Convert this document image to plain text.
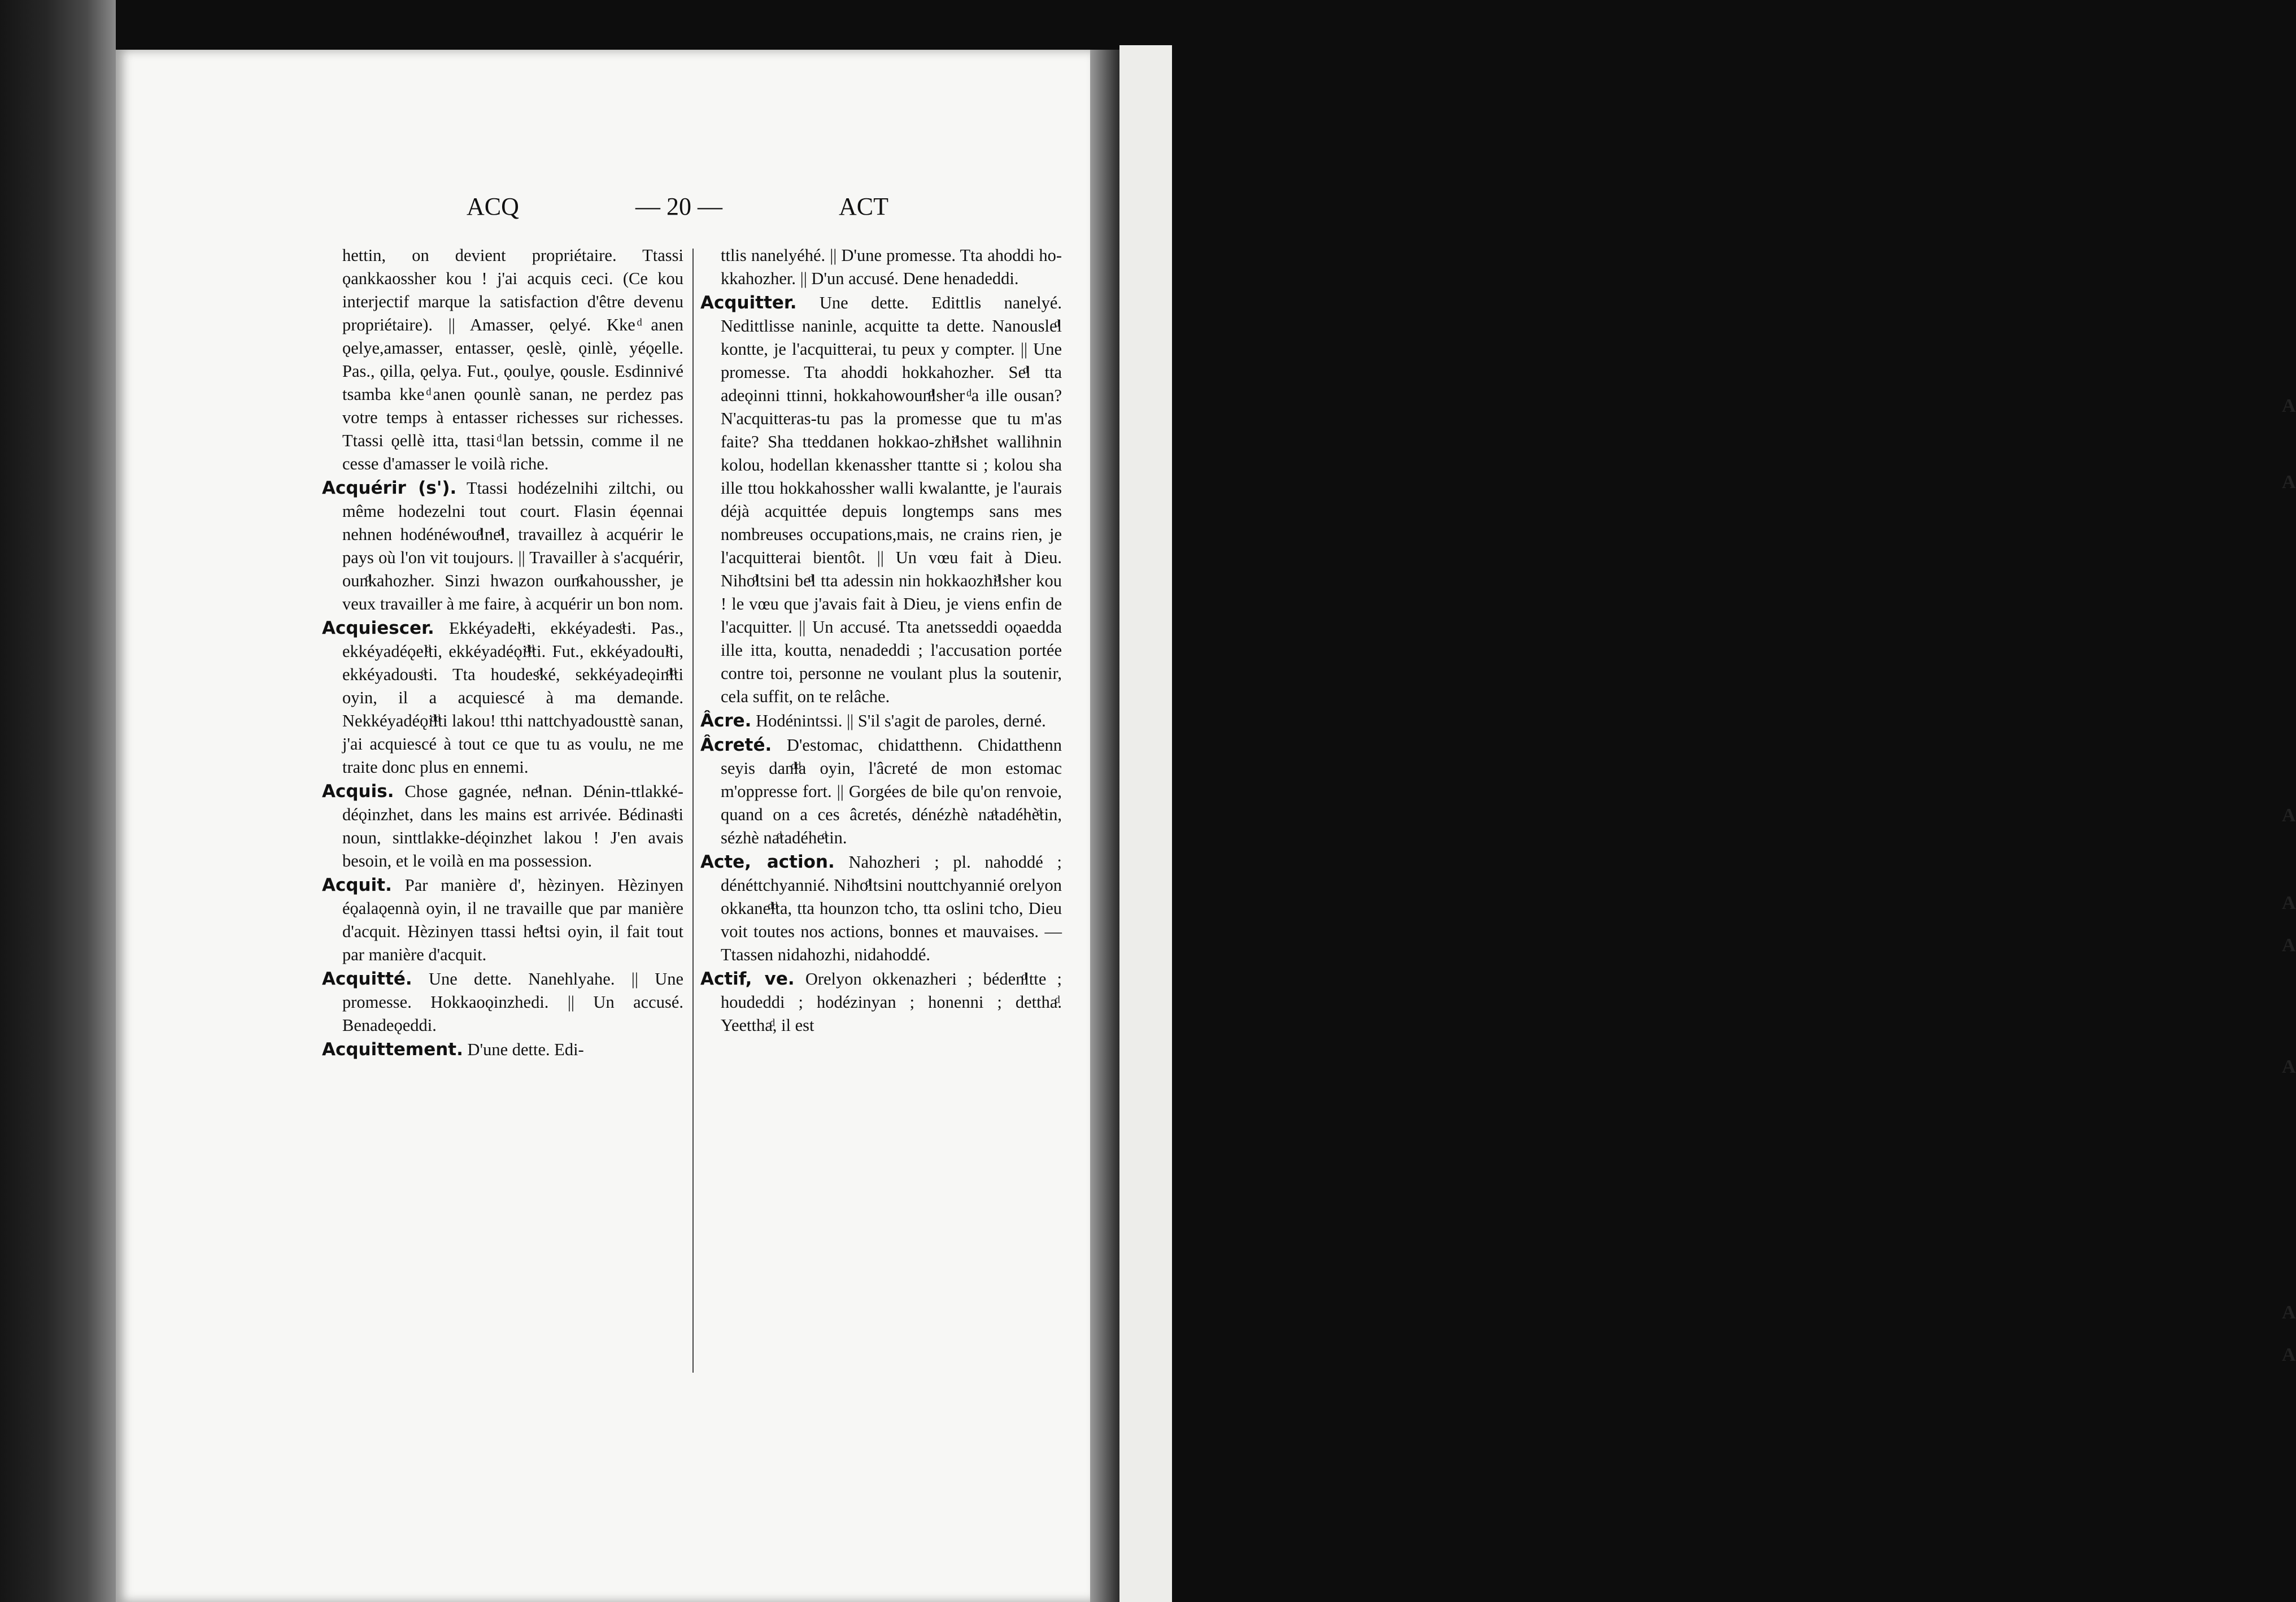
A
A
A
A
A
A
A
A
ACQ	— 20 —	ACT

hettin, on devient propriétaire. Ttassi ǫankkaossher kou ! j'ai acquis ceci. (Ce kou interjectif marque la satisfaction d'être devenu propriétaire). || Amasser, ǫelyé. Kke ͩanen ǫelye,amasser, entasser, ǫeslè, ǫinlè, yéǫelle. Pas., ǫilla, ǫelya. Fut., ǫoulye, ǫousle. Esdinnivé tsamba kke ͩanen ǫounlè sanan, ne perdez pas votre temps à entasser richesses sur richesses. Ttassi ǫellè itta, ttasi ͩlan betssin, comme il ne cesse d'amasser le voilà riche.

Acquérir (s'). Ttassi hodézelnihi ziltchi, ou même hodezelni tout court. Flasin éǫennai nehnen hodénéwouͩlneͩl, travaillez à acquérir le pays où l'on vit toujours. || Travailler à s'acquérir, ounͩkahozher. Sinzi hwazon ounͩkahoussher, je veux travailler à me faire, à acquérir un bon nom.

Acquiescer. Ekkéyadelͩti, ekkéyadesͩti. Pas., ekkéyadéǫelͩti, ekkéyadéǫiͩlͩti. Fut., ekkéyadoulͩti, ekkéyadousͩti. Tta houdesͩké, sekkéyadeǫinͩlͩti oyin, il a acquiescé à ma demande. Nekkéyadéǫiͩlͩti lakou! tthi nattchyadousttè sanan, j'ai acquiescé à tout ce que tu as voulu, ne me traite donc plus en ennemi.

Acquis. Chose gagnée, neͩlnan. Dénin-ttlakké-déǫinzhet, dans les mains est arrivée. Bédinasͩti noun, sinttlakke-déǫinzhet lakou ! J'en avais besoin, et le voilà en ma possession.

Acquit. Par manière d', hèzinyen. Hèzinyen éǫalaǫennà oyin, il ne travaille que par manière d'acquit. Hèzinyen ttassi heͩltsi oyin, il fait tout par manière d'acquit.

Acquitté. Une dette. Nanehlyahe. || Une promesse. Hokkaoǫinzhedi. || Un accusé. Benadeǫeddi.

Acquittement. D'une dette. Edi-

ttlis nanelyéhé. || D'une promesse. Tta ahoddi ho-kkahozher. || D'un accusé. Dene henadeddi.

Acquitter. Une dette. Edittlis nanelyé. Nedittlisse naninle, acquitte ta dette. Nanousleͩl kontte, je l'acquitterai, tu peux y compter. || Une promesse. Tta ahoddi hokkahozher. Seͩl tta adeǫinni ttinni, hokkahowounͩlsher ͩa ille ousan? N'acquitteras-tu pas la promesse que tu m'as faite? Sha tteddanen hokkao-zhiͩlshet wallihnin kolou, hodellan kkenassher ttantte si ; kolou sha ille ttou hokkahossher walli kwalantte, je l'aurais déjà acquittée depuis longtemps sans mes nombreuses occupations,mais, ne crains rien, je l'acquitterai bientôt. || Un vœu fait à Dieu. Nihoͩltsini beͩl tta adessin nin hokkaozhiͩlsher kou ! le vœu que j'avais fait à Dieu, je viens enfin de l'acquitter. || Un accusé. Tta anetsseddi oǫaedda ille itta, koutta, nenadeddi ; l'accusation portée contre toi, personne ne voulant plus la soutenir, cela suffit, on te relâche.

Âcre. Hodénintssi. || S'il s'agit de paroles, derné.

Âcreté. D'estomac, chidatthenn. Chidatthenn seyis danͩlͩa oyin, l'âcreté de mon estomac m'oppresse fort. || Gorgées de bile qu'on renvoie, quand on a ces âcretés, dénézhè naͩtadéhèͩtin, sézhè naͩtadéheͩtin.

Acte, action. Nahozheri ; pl. nahoddé ; dénéttchyannié. Nihoͩltsini nouttchyannié orelyon okkaneͩlͩta, tta hounzon tcho, tta oslini tcho, Dieu voit toutes nos actions, bonnes et mauvaises. — Ttassen nidahozhi, nidahoddé.

Actif, ve. Orelyon okkenazheri ; bédenͩltte ; houdeddi ; hodézinyan ; honenni ; detthaͩ. Yeetthaͩ, il est
